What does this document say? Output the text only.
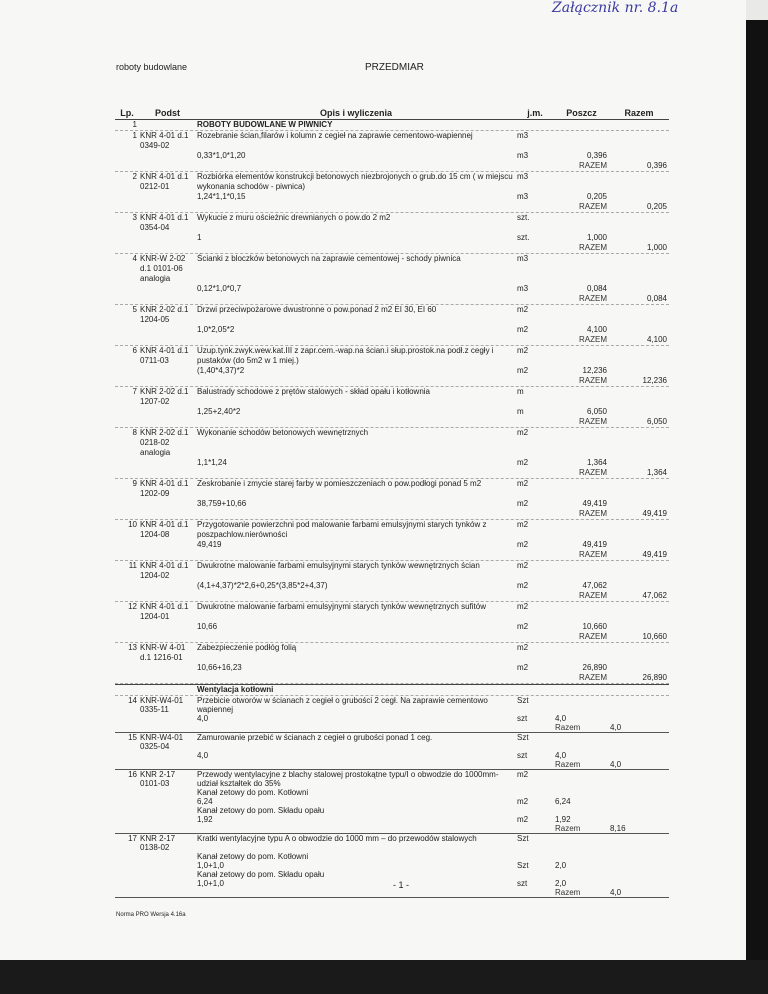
Załącznik nr. 8.1a
roboty budowlane	PRZEDMIAR
Lp.	Podst	Opis i wyliczenia	j.m.	Poszcz	Razem
1	ROBOTY BUDOWLANE W PIWNICY
1 KNR 4-01 d.1 0349-02
Rozebranie ścian,filarów i kolumn z cegieł na zaprawie cementowo-wapiennej	m3
0,33*1,0*1,20	m3	0,396
RAZEM	0,396
2 KNR 4-01 d.1 0212-01
Rozbiórka elementów konstrukcji betonowych niezbrojonych o grub.do 15 cm ( w miejscu wykonania schodów - piwnica)
m3
1,24*1,1*0,15	m3	0,205
RAZEM	0,205
3 KNR 4-01 d.1 0354-04
Wykucie z muru ościeżnic drewnianych o pow.do 2 m2	szt.
1	szt.	1,000
RAZEM	1,000
4 KNR-W 2-02 d.1 0101-06 analogia
Ścianki z bloczków betonowych na zaprawie cementowej - schody piwnica	m3
0,12*1,0*0,7	m3	0,084
RAZEM	0,084
5 KNR 2-02 d.1 1204-05
Drzwi przeciwpożarowe dwustronne o pow.ponad 2 m2 EI 30, EI 60	m2
1,0*2,05*2	m2	4,100
RAZEM	4,100
6 KNR 4-01 d.1 0711-03
Uzup.tynk.zwyk.wew.kat.III z zapr.cem.-wap.na ścian.i słup.prostok.na podł.z cegły i pustaków (do 5m2 w 1 miej.)
m2
(1,40*4,37)*2	m2	12,236
RAZEM	12,236
7 KNR 2-02 d.1 1207-02
Balustrady schodowe z prętów stalowych - skład opału i kotłownia	m
1,25+2,40*2	m	6,050
RAZEM	6,050
8 KNR 2-02 d.1 0218-02 analogia
Wykonanie schodów betonowych wewnętrznych	m2
1,1*1,24	m2	1,364
RAZEM	1,364
9 KNR 4-01 d.1 1202-09
Zeskrobanie i zmycie starej farby w pomieszczeniach o pow.podłogi ponad 5 m2	m2
38,759+10,66	m2	49,419
RAZEM	49,419
10 KNR 4-01 d.1 1204-08
Przygotowanie powierzchni pod malowanie farbami emulsyjnymi starych tynków z poszpachlow.nierówności
m2
49,419	m2	49,419
RAZEM	49,419
11 KNR 4-01 d.1 1204-02
Dwukrotne malowanie farbami emulsyjnymi starych tynków wewnętrznych ścian	m2
(4,1+4,37)*2*2,6+0,25*(3,85*2+4,37)	m2	47,062
RAZEM	47,062
12 KNR 4-01 d.1 1204-01
Dwukrotne malowanie farbami emulsyjnymi starych tynków wewnętrznych sufitów	m2
10,66	m2	10,660
RAZEM	10,660
13 KNR-W 4-01 d.1 1216-01
Zabezpieczenie podłóg folią	m2
10,66+16,23	m2	26,890
RAZEM	26,890
Wentylacja kotłowni
14 KNR-W4-01 0335-11
Przebicie otworów w ścianach z cegieł o grubości 2 cegł. Na zaprawie cementowo wapiennej
Szt
4,0	szt	4,0
Razem	4,0
15 KNR-W4-01 0325-04
Zamurowanie przebić w ścianach z cegieł o grubości ponad 1 ceg.	Szt
4,0	szt	4,0
Razem	4,0
16 KNR 2-17 0101-03
Przewody wentylacyjne z blachy stalowej prostokątne typu/I o obwodzie do 1000mm- udział kształtek do 35%
m2
Kanał zetowy do pom. Kotłowni
6,24	m2	6,24
Kanał zetowy do pom. Składu opału
1,92	m2	1,92
Razem	8,16
17 KNR 2-17 0138-02
Kratki wentylacyjne typu A o obwodzie do 1000 mm – do przewodów stalowych	Szt
Kanał zetowy do pom. Kotłowni
1,0+1,0	Szt	2,0
Kanał zetowy do pom. Składu opału
1,0+1,0	szt	2,0
Razem	4,0
- 1 -
Norma PRO Wersja 4.16a
